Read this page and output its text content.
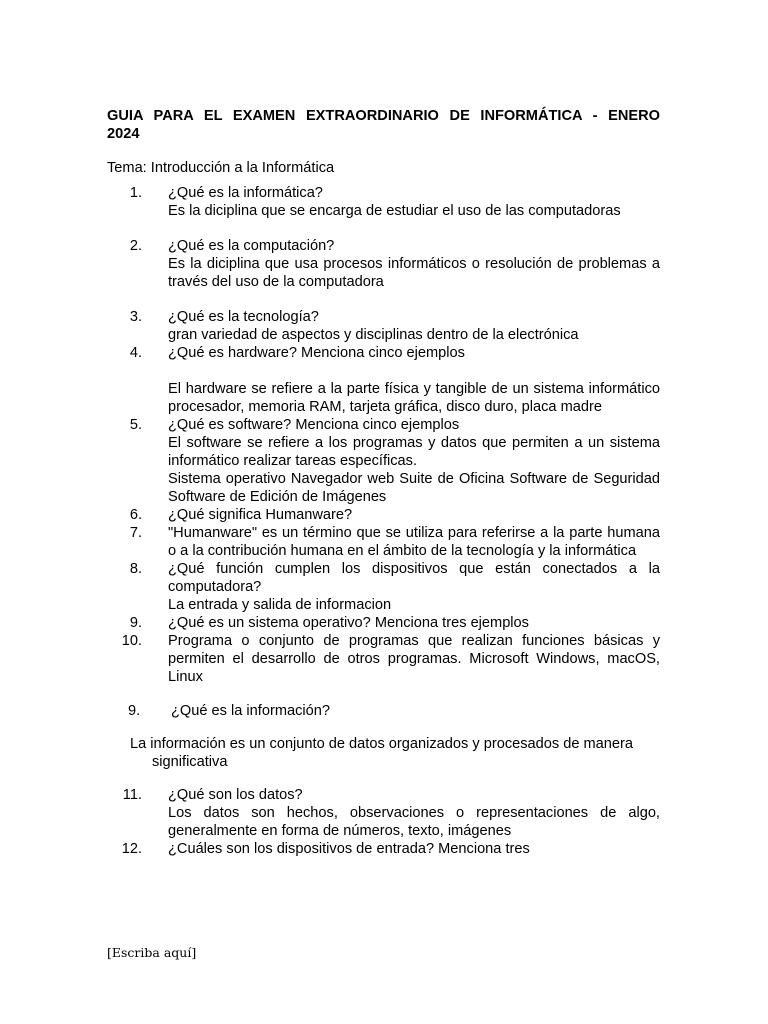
GUIA PARA EL EXAMEN EXTRAORDINARIO DE INFORMÁTICA - ENERO
2024
Tema: Introducción a la Informática
1. ¿Qué es la informática?

Es la diciplina que se encarga de estudiar el uso de las computadoras

2. ¿Qué es la computación?

Es la diciplina que usa procesos informáticos o resolución de problemas a través del uso de la computadora

3. ¿Qué es la tecnología?

gran variedad de aspectos y disciplinas dentro de la electrónica

4. ¿Qué es hardware? Menciona cinco ejemplos

El hardware se refiere a la parte física y tangible de un sistema informático procesador, memoria RAM, tarjeta gráfica, disco duro, placa madre

5. ¿Qué es software? Menciona cinco ejemplos

El software se refiere a los programas y datos que permiten a un sistema informático realizar tareas específicas.

Sistema operativo Navegador web Suite de Oficina Software de Seguridad Software de Edición de Imágenes

6. ¿Qué significa Humanware?

7. "Humanware" es un término que se utiliza para referirse a la parte humana o a la contribución humana en el ámbito de la tecnología y la informática

8. ¿Qué función cumplen los dispositivos que están conectados a la computadora?

La entrada y salida de informacion

9. ¿Qué es un sistema operativo? Menciona tres ejemplos

10. Programa o conjunto de programas que realizan funciones básicas y permiten el desarrollo de otros programas. Microsoft Windows, macOS, Linux

9. ¿Qué es la información?
La información es un conjunto de datos organizados y procesados de manera
significativa
11. ¿Qué son los datos?

Los datos son hechos, observaciones o representaciones de algo, generalmente en forma de números, texto, imágenes

12. ¿Cuáles son los dispositivos de entrada? Menciona tres

[Escriba aquí]
